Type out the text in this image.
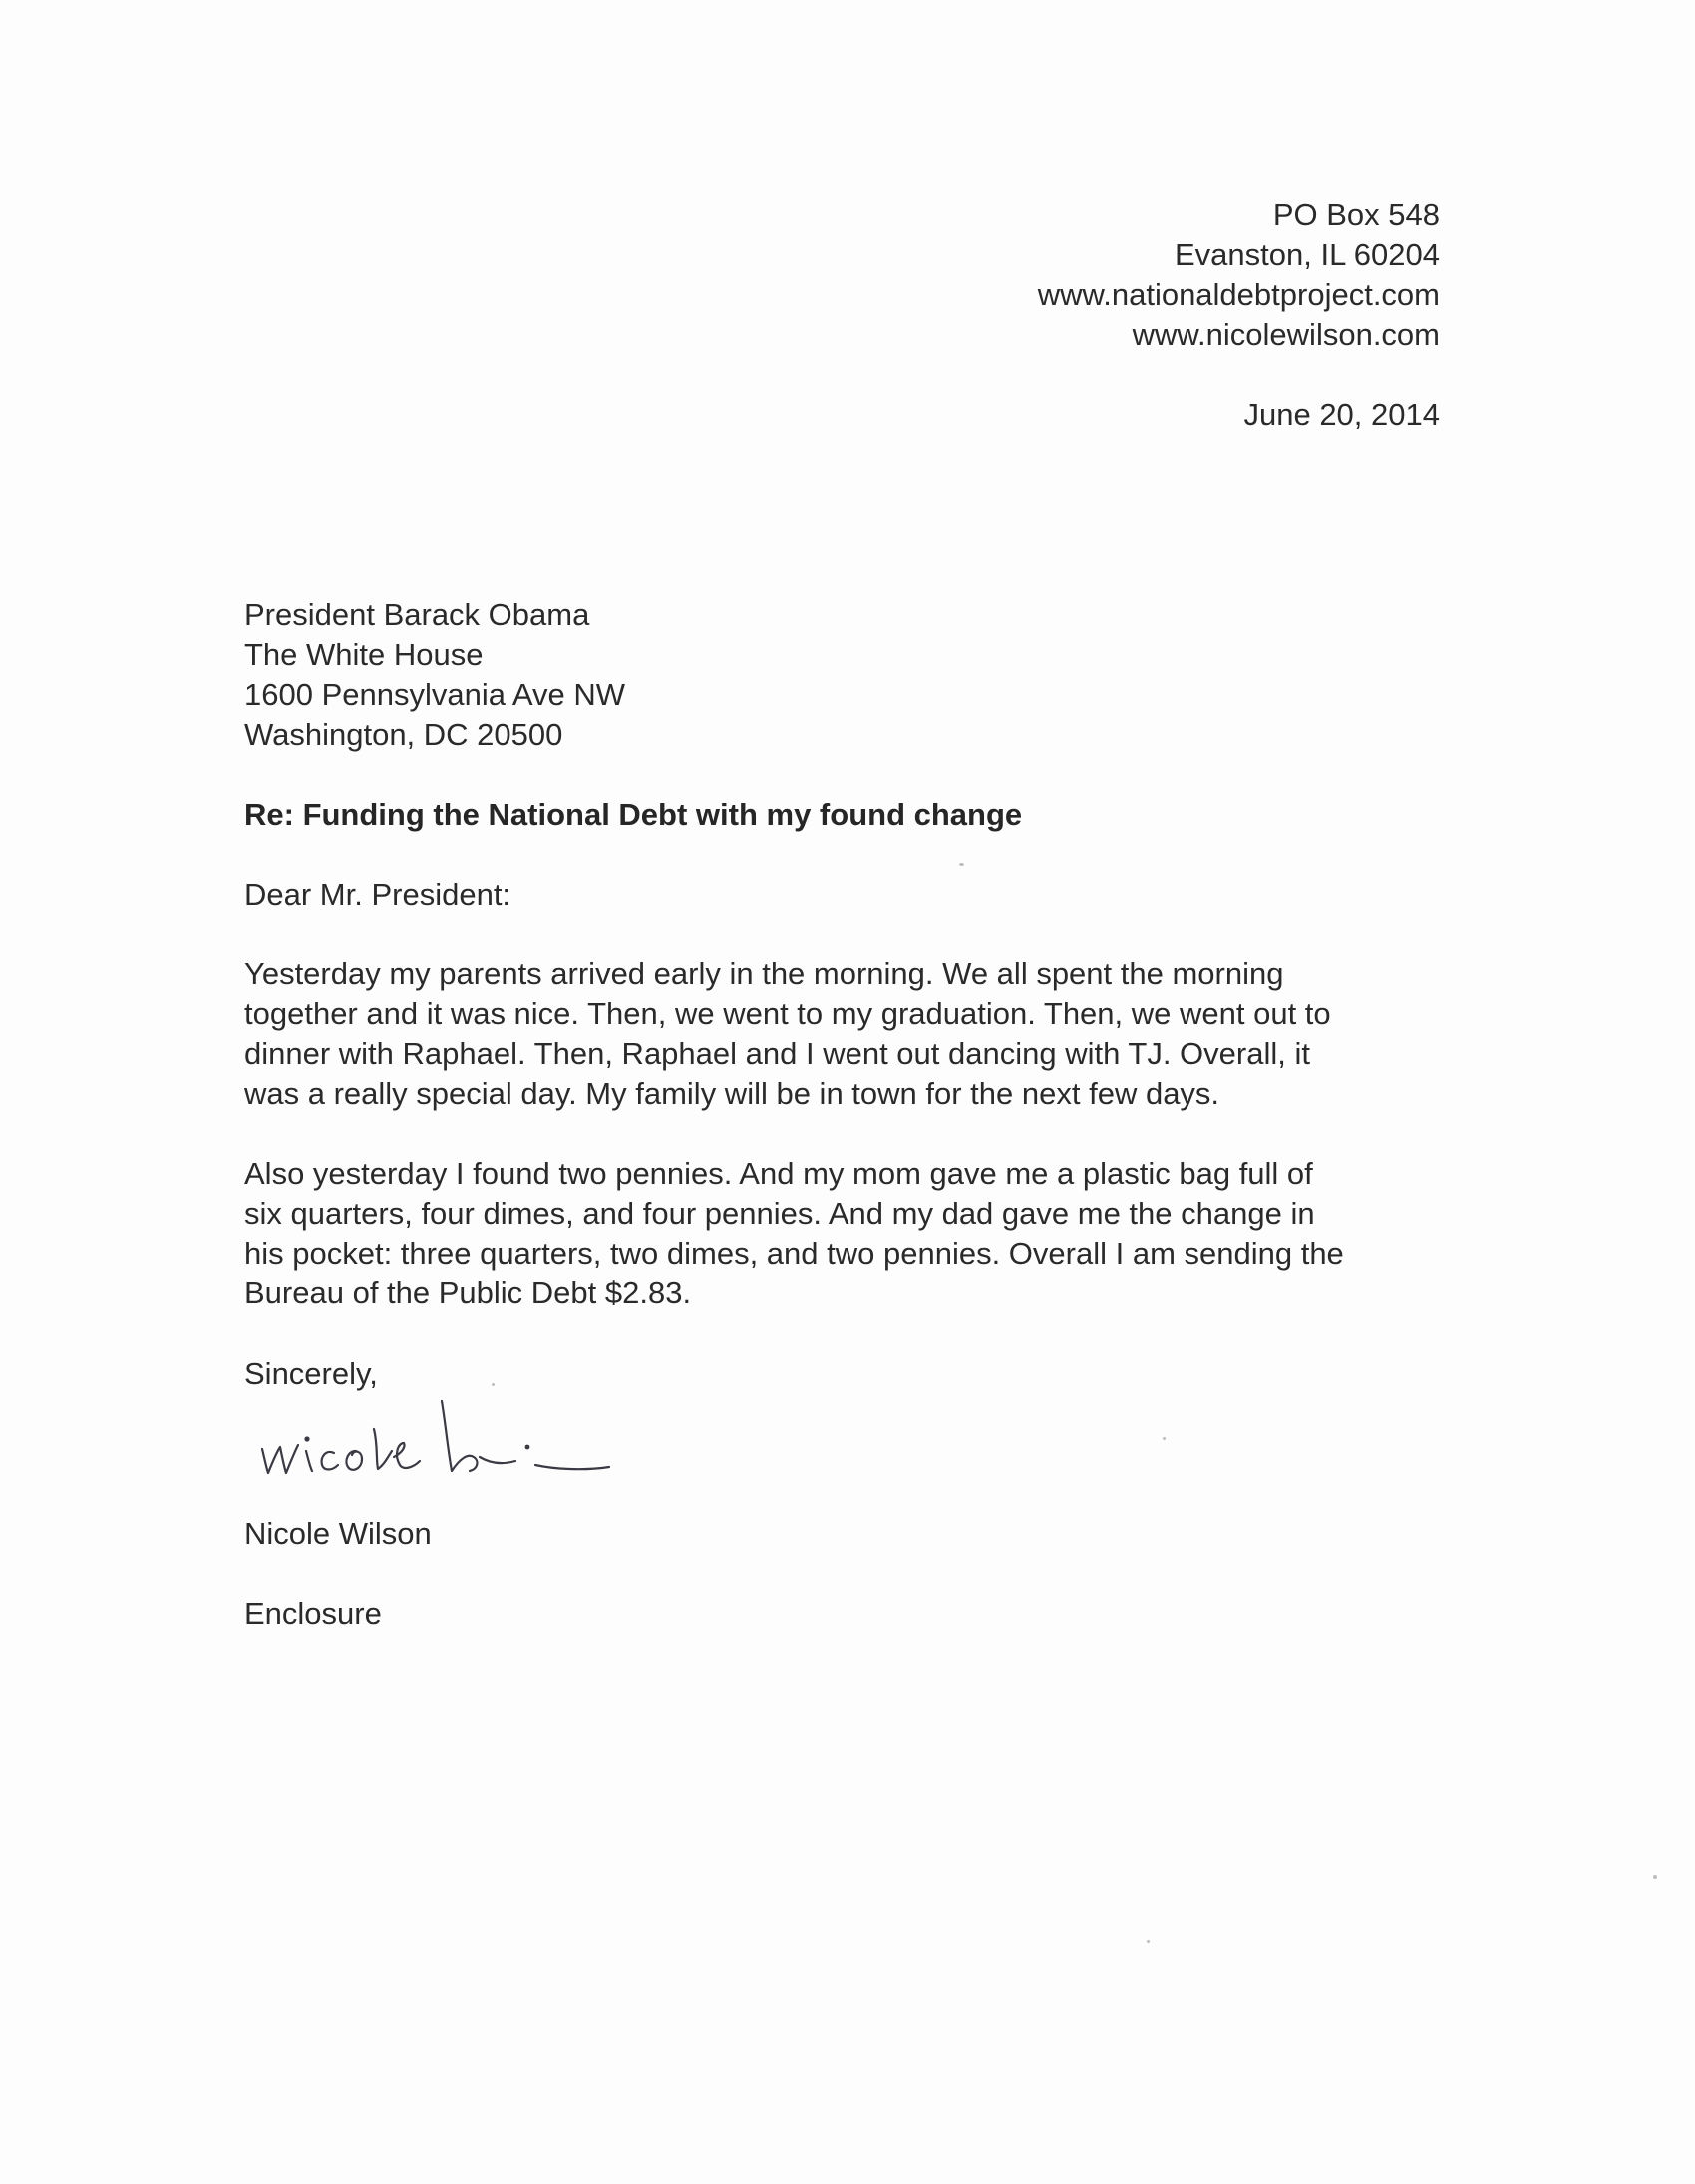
PO Box 548
Evanston, IL 60204
www.nationaldebtproject.com
www.nicolewilson.com
June 20, 2014
President Barack Obama
The White House
1600 Pennsylvania Ave NW
Washington, DC 20500
Re: Funding the National Debt with my found change
Dear Mr. President:
Yesterday my parents arrived early in the morning. We all spent the morning
together and it was nice. Then, we went to my graduation. Then, we went out to
dinner with Raphael. Then, Raphael and I went out dancing with TJ. Overall, it
was a really special day. My family will be in town for the next few days.
Also yesterday I found two pennies. And my mom gave me a plastic bag full of
six quarters, four dimes, and four pennies. And my dad gave me the change in
his pocket: three quarters, two dimes, and two pennies. Overall I am sending the
Bureau of the Public Debt $2.83.
Sincerely,
Nicole Wilson
Enclosure
